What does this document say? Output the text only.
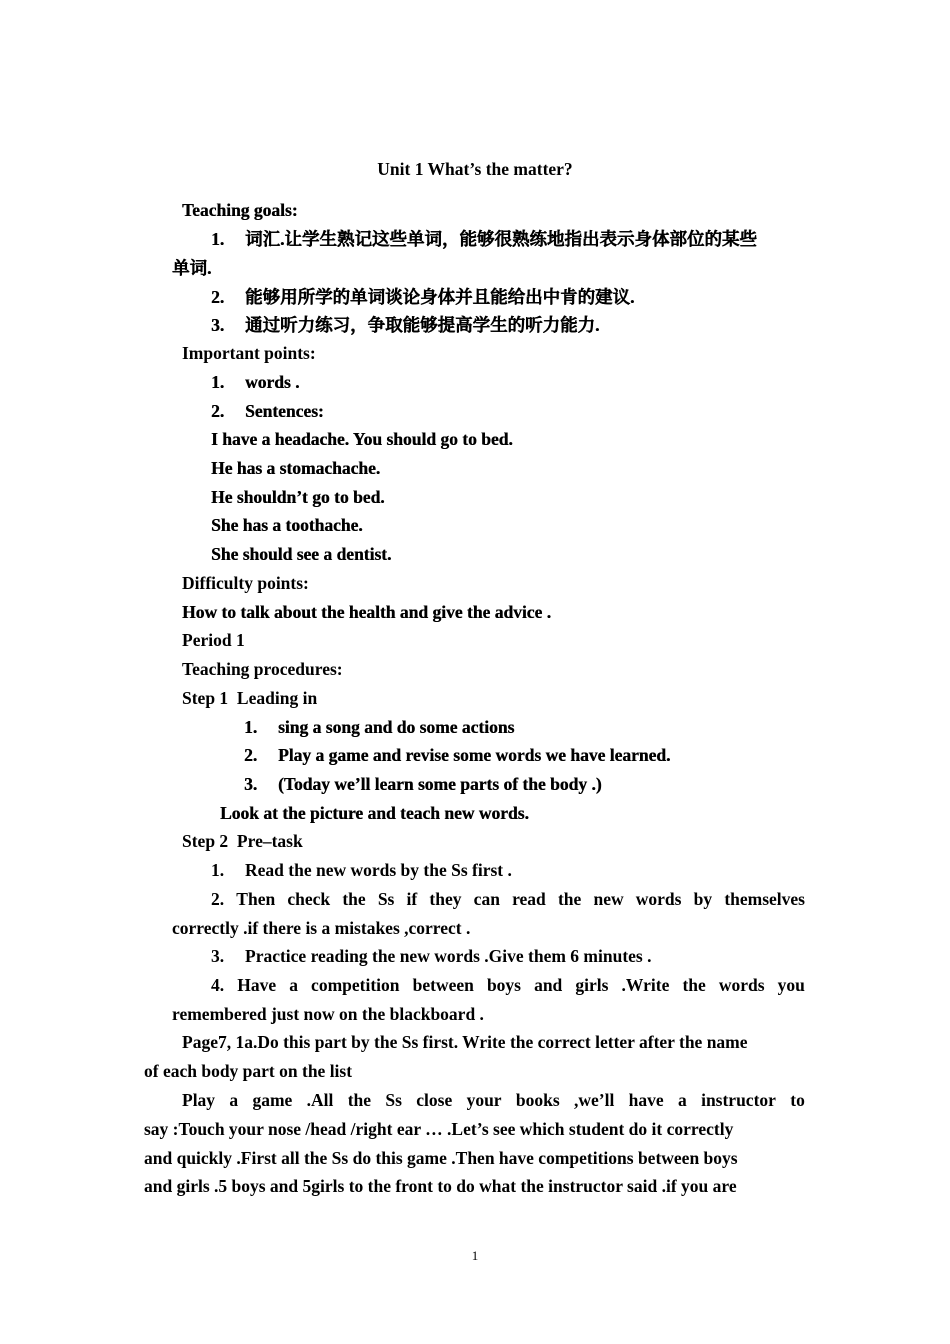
Unit 1 What’s the matter?
Teaching goals:
1. 词汇.让学生熟记这些单词，能够很熟练地指出表示身体部位的某些
单词.
2. 能够用所学的单词谈论身体并且能给出中肯的建议.
3. 通过听力练习，争取能够提高学生的听力能力.
Important points:
1. words .
2. Sentences:
I have a headache. You should go to bed.
He has a stomachache.
He shouldn’t go to bed.
She has a toothache.
She should see a dentist.
Difficulty points:
How to talk about the health and give the advice .
Period 1
Teaching procedures:
Step 1  Leading in
1. sing a song and do some actions
2. Play a game and revise some words we have learned.
3. (Today we’ll learn some parts of the body .)
Look at the picture and teach new words.
Step 2  Pre–task
1. Read the new words by the Ss first .
2. Then check the Ss if they can read the new words by themselves
correctly .if there is a mistakes ,correct .
3. Practice reading the new words .Give them 6 minutes .
4. Have a competition between boys and girls .Write the words you
remembered just now on the blackboard .
Page7, 1a.Do this part by the Ss first. Write the correct letter after the name
of each body part on the list
Play a game .All the Ss close your books ,we’ll have a instructor to
say :Touch your nose /head /right ear … .Let’s see which student do it correctly
and quickly .First all the Ss do this game .Then have competitions between boys
and girls .5 boys and 5girls to the front to do what the instructor said .if you are
1
